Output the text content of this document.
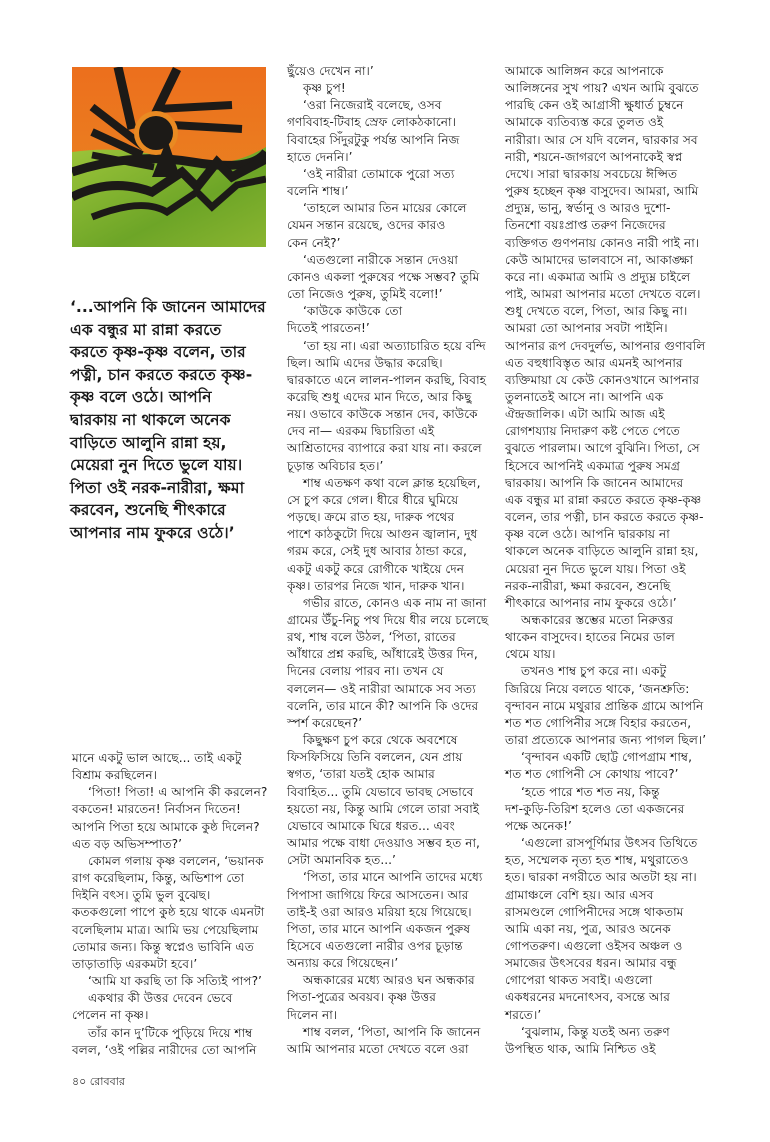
‘...আপনি কি জানেন আমাদের
এক বন্ধুর মা রান্না করতে
করতে কৃষ্ণ-কৃষ্ণ বলেন, তার
পত্নী, চান করতে করতে কৃষ্ণ-
কৃষ্ণ বলে ওঠে। আপনি
দ্বারকায় না থাকলে অনেক
বাড়িতে আলুনি রান্না হয়,
মেয়েরা নুন দিতে ভুলে যায়।
পিতা ওই নরক-নারীরা, ক্ষমা
করবেন, শুনেছি শীৎকারে
আপনার নাম ফুকরে ওঠে।’
মানে একটু ভাল আছে... তাই একটু
বিশ্রাম করছিলেন।
‘পিতা! পিতা! এ আপনি কী করলেন?
বকতেন! মারতেন! নির্বাসন দিতেন!
আপনি পিতা হয়ে আমাকে কুষ্ঠ দিলেন?
এত বড় অভিসম্পাত?’
কোমল গলায় কৃষ্ণ বললেন, ‘ভয়ানক
রাগ করেছিলাম, কিন্তু, অভিশাপ তো
দিইনি বৎস। তুমি ভুল বুঝেছ।
কতকগুলো পাপে কুষ্ঠ হয়ে থাকে এমনটা
বলেছিলাম মাত্র। আমি ভয় পেয়েছিলাম
তোমার জন্য। কিন্তু স্বপ্নেও ভাবিনি এত
তাড়াতাড়ি এরকমটা হবে।’
‘আমি যা করছি তা কি সত্যিই পাপ?’
একথার কী উত্তর দেবেন ভেবে
পেলেন না কৃষ্ণ।
তাঁর কান দু’টিকে পুড়িয়ে দিয়ে শাম্ব
বলল, ‘ওই পল্লির নারীদের তো আপনি
ছুঁয়েও দেখেন না।’
কৃষ্ণ চুপ!
‘ওরা নিজেরাই বলেছে, ওসব
গণবিবাহ-টিবাহ স্রেফ লোকঠকানো।
বিবাহের সিঁদুরটুকু পর্যন্ত আপনি নিজ
হাতে দেননি।’
‘ওই নারীরা তোমাকে পুরো সত্য
বলেনি শাম্ব।’
‘তাহলে আমার তিন মায়ের কোলে
যেমন সন্তান রয়েছে, ওদের কারও
কেন নেই?’
‘এতগুলো নারীকে সন্তান দেওয়া
কোনও একলা পুরুষের পক্ষে সম্ভব? তুমি
তো নিজেও পুরুষ, তুমিই বলো!’
‘কাউকে কাউকে তো
দিতেই পারতেন!’
‘তা হয় না। এরা অত্যাচারিত হয়ে বন্দি
ছিল। আমি এদের উদ্ধার করেছি।
দ্বারকাতে এনে লালন-পালন করছি, বিবাহ
করেছি শুধু এদের মান দিতে, আর কিছু
নয়। ওভাবে কাউকে সন্তান দেব, কাউকে
দেব না— এরকম দ্বিচারিতা এই
আশ্রিতাদের ব্যাপারে করা যায় না। করলে
চূড়ান্ত অবিচার হত।’
শাম্ব এতক্ষণ কথা বলে ক্লান্ত হয়েছিল,
সে চুপ করে গেল। ধীরে ধীরে ঘুমিয়ে
পড়ছে। ক্রমে রাত হয়, দারুক পথের
পাশে কাঠকুটো দিয়ে আগুন জ্বালান, দুধ
গরম করে, সেই দুধ আবার ঠান্ডা করে,
একটু একটু করে রোগীকে খাইয়ে দেন
কৃষ্ণ। তারপর নিজে খান, দারুক খান।
গভীর রাতে, কোনও এক নাম না জানা
গ্রামের উঁচু-নিচু পথ দিয়ে ধীর লয়ে চলেছে
রথ, শাম্ব বলে উঠল, ‘পিতা, রাতের
আঁধারে প্রশ্ন করছি, আঁধারেই উত্তর দিন,
দিনের বেলায় পারব না। তখন যে
বললেন— ওই নারীরা আমাকে সব সত্য
বলেনি, তার মানে কী? আপনি কি ওদের
স্পর্শ করেছেন?’
কিছুক্ষণ চুপ করে থেকে অবশেষে
ফিসফিসিয়ে তিনি বললেন, যেন প্রায়
স্বগত, ‘তারা যতই হোক আমার
বিবাহিত... তুমি যেভাবে ভাবছ সেভাবে
হয়তো নয়, কিন্তু আমি গেলে তারা সবাই
যেভাবে আমাকে ঘিরে ধরত... এবং
আমার পক্ষে বাধা দেওয়াও সম্ভব হত না,
সেটা অমানবিক হত...’
‘পিতা, তার মানে আপনি তাদের মধ্যে
পিপাসা জাগিয়ে ফিরে আসতেন। আর
তাই-ই ওরা আরও মরিয়া হয়ে গিয়েছে।
পিতা, তার মানে আপনি একজন পুরুষ
হিসেবে এতগুলো নারীর ওপর চূড়ান্ত
অন্যায় করে গিয়েছেন।’
অন্ধকারের মধ্যে আরও ঘন অন্ধকার
পিতা-পুত্রের অবয়ব। কৃষ্ণ উত্তর
দিলেন না।
শাম্ব বলল, ‘পিতা, আপনি কি জানেন
আমি আপনার মতো দেখতে বলে ওরা
আমাকে আলিঙ্গন করে আপনাকে
আলিঙ্গনের সুখ পায়? এখন আমি বুঝতে
পারছি কেন ওই আগ্রাসী ক্ষুধার্ত চুম্বনে
আমাকে ব্যতিব্যস্ত করে তুলত ওই
নারীরা। আর সে যদি বলেন, দ্বারকার সব
নারী, শয়নে-জাগরণে আপনাকেই স্বপ্ন
দেখে। সারা দ্বারকায় সবচেয়ে ঈপ্সিত
পুরুষ হচ্ছেন কৃষ্ণ বাসুদেব। আমরা, আমি
প্রদ্যুম্ন, ভানু, স্বর্ভানু ও আরও দুশো-
তিনশো বয়ঃপ্রাপ্ত তরুণ নিজেদের
ব্যক্তিগত গুণপনায় কোনও নারী পাই না।
কেউ আমাদের ভালবাসে না, আকাঙ্ক্ষা
করে না। একমাত্র আমি ও প্রদ্যুম্ন চাইলে
পাই, আমরা আপনার মতো দেখতে বলে।
শুধু দেখতে বলে, পিতা, আর কিছু না।
আমরা তো আপনার সবটা পাইনি।
আপনার রূপ দেবদুর্লভ, আপনার গুণাবলি
এত বহুধাবিস্তৃত আর এমনই আপনার
ব্যক্তিমায়া যে কেউ কোনওখানে আপনার
তুলনাতেই আসে না। আপনি এক
ঐন্দ্রজালিক। এটা আমি আজ এই
রোগশয্যায় নিদারুণ কষ্ট পেতে পেতে
বুঝতে পারলাম। আগে বুঝিনি। পিতা, সে
হিসেবে আপনিই একমাত্র পুরুষ সমগ্র
দ্বারকায়। আপনি কি জানেন আমাদের
এক বন্ধুর মা রান্না করতে করতে কৃষ্ণ-কৃষ্ণ
বলেন, তার পত্নী, চান করতে করতে কৃষ্ণ-
কৃষ্ণ বলে ওঠে। আপনি দ্বারকায় না
থাকলে অনেক বাড়িতে আলুনি রান্না হয়,
মেয়েরা নুন দিতে ভুলে যায়। পিতা ওই
নরক-নারীরা, ক্ষমা করবেন, শুনেছি
শীৎকারে আপনার নাম ফুকরে ওঠে।’
অন্ধকারের স্তম্ভের মতো নিরুত্তর
থাকেন বাসুদেব। হাতের নিমের ডাল
থেমে যায়।
তখনও শাম্ব চুপ করে না। একটু
জিরিয়ে নিয়ে বলতে থাকে, ‘জনশ্রুতি:
বৃন্দাবন নামে মথুরার প্রান্তিক গ্রামে আপনি
শত শত গোপিনীর সঙ্গে বিহার করতেন,
তারা প্রত্যেকে আপনার জন্য পাগল ছিল।’
‘বৃন্দাবন একটি ছোট্ট গোপগ্রাম শাম্ব,
শত শত গোপিনী সে কোথায় পাবে?’
‘হতে পারে শত শত নয়, কিন্তু
দশ-কুড়ি-তিরিশ হলেও তো একজনের
পক্ষে অনেক!’
‘এগুলো রাসপূর্ণিমার উৎসব তিথিতে
হত, সম্মেলক নৃত্য হত শাম্ব, মথুরাতেও
হত। দ্বারকা নগরীতে আর অতটা হয় না।
গ্রামাঞ্চলে বেশি হয়। আর এসব
রাসমণ্ডলে গোপিনীদের সঙ্গে থাকতাম
আমি একা নয়, পুত্র, আরও অনেক
গোপতরুণ। এগুলো ওইসব অঞ্চল ও
সমাজের উৎসবের ধরন। আমার বন্ধু
গোপেরা থাকত সবাই। এগুলো
একধরনের মদনোৎসব, বসন্তে আর
শরতে।’
‘বুঝলাম, কিন্তু যতই অন্য তরুণ
উপস্থিত থাক, আমি নিশ্চিত ওই
৪০ রোববার
